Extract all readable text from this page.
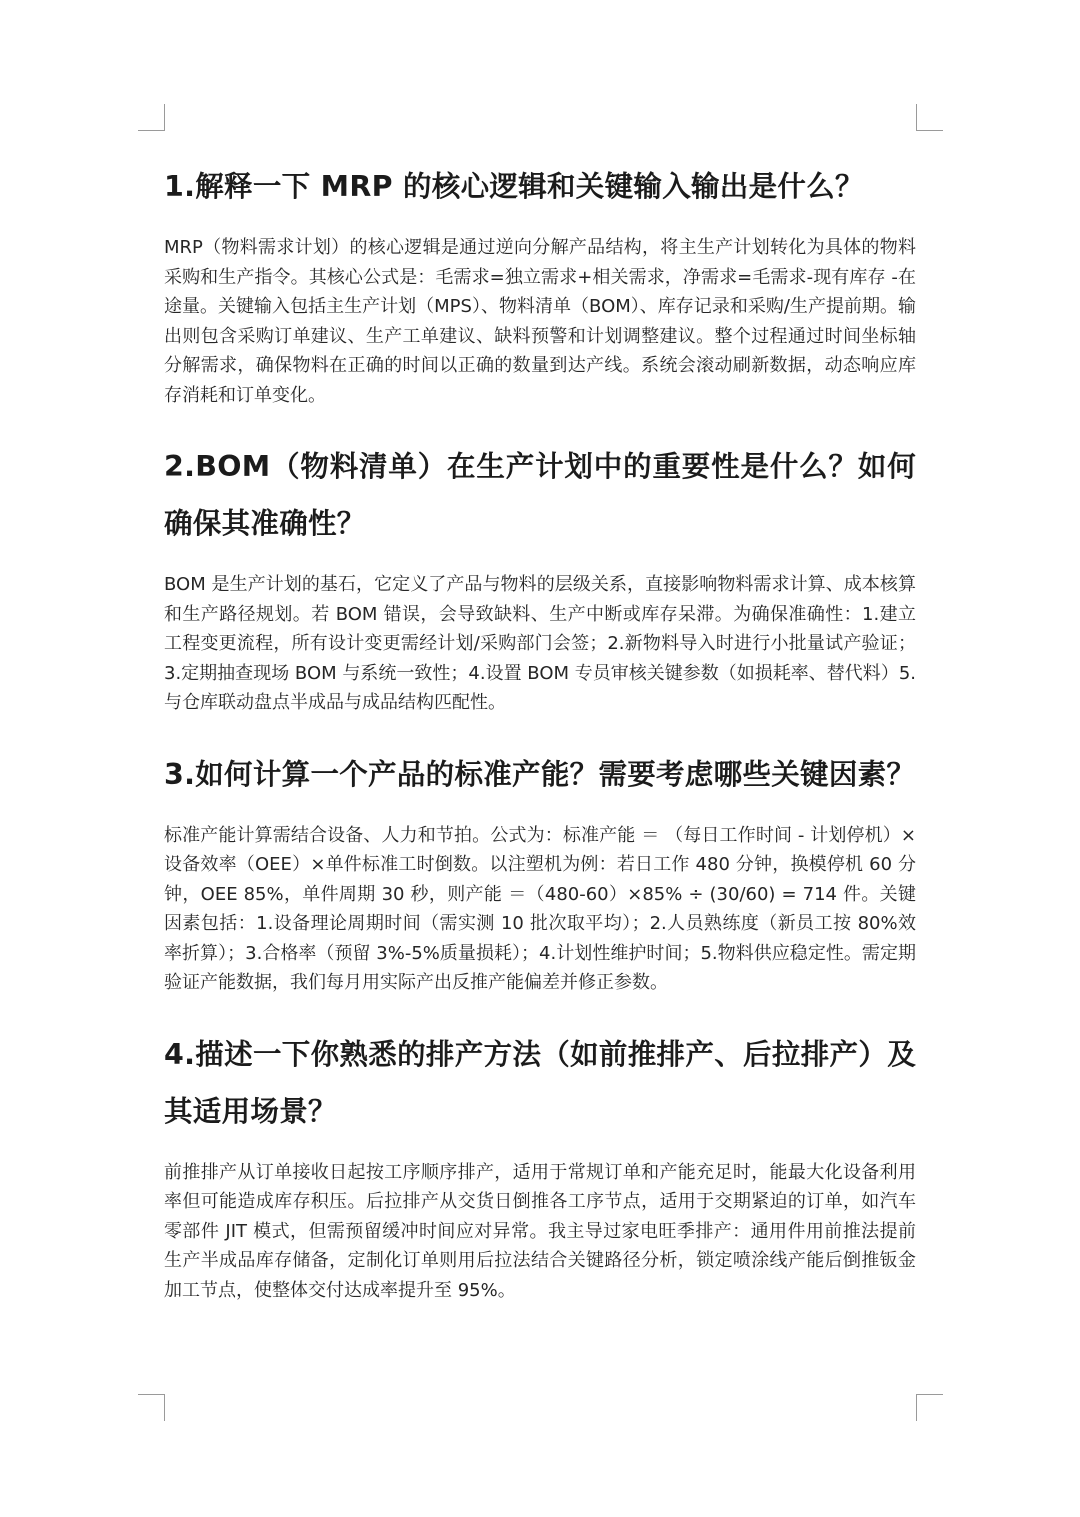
1.解释一下 MRP 的核心逻辑和关键输入输出是什么？

MRP（物料需求计划）的核心逻辑是通过逆向分解产品结构，将主生产计划转化为具体的物料采购和生产指令。其核心公式是：毛需求=独立需求+相关需求，净需求=毛需求-现有库存 -在途量。关键输入包括主生产计划（MPS）、物料清单（BOM）、库存记录和采购/生产提前期。输出则包含采购订单建议、生产工单建议、缺料预警和计划调整建议。整个过程通过时间坐标轴分解需求，确保物料在正确的时间以正确的数量到达产线。系统会滚动刷新数据，动态响应库存消耗和订单变化。

2.BOM（物料清单）在生产计划中的重要性是什么？如何确保其准确性？

BOM 是生产计划的基石，它定义了产品与物料的层级关系，直接影响物料需求计算、成本核算和生产路径规划。若 BOM 错误，会导致缺料、生产中断或库存呆滞。为确保准确性：1.建立工程变更流程，所有设计变更需经计划/采购部门会签；2.新物料导入时进行小批量试产验证；3.定期抽查现场 BOM 与系统一致性；4.设置 BOM 专员审核关键参数（如损耗率、替代料）5.与仓库联动盘点半成品与成品结构匹配性。

3.如何计算一个产品的标准产能？需要考虑哪些关键因素？

标准产能计算需结合设备、人力和节拍。公式为：标准产能 ＝ （每日工作时间 - 计划停机）×设备效率（OEE）×单件标准工时倒数。以注塑机为例：若日工作 480 分钟，换模停机 60 分钟，OEE 85%，单件周期 30 秒，则产能 ＝（480-60）×85% ÷ (30/60) = 714 件。关键因素包括：1.设备理论周期时间（需实测 10 批次取平均）；2.人员熟练度（新员工按 80%效率折算）；3.合格率（预留 3%-5%质量损耗）；4.计划性维护时间；5.物料供应稳定性。需定期验证产能数据，我们每月用实际产出反推产能偏差并修正参数。

4.描述一下你熟悉的排产方法（如前推排产、后拉排产）及其适用场景？

前推排产从订单接收日起按工序顺序排产，适用于常规订单和产能充足时，能最大化设备利用率但可能造成库存积压。后拉排产从交货日倒推各工序节点，适用于交期紧迫的订单，如汽车零部件 JIT 模式，但需预留缓冲时间应对异常。我主导过家电旺季排产：通用件用前推法提前生产半成品库存储备，定制化订单则用后拉法结合关键路径分析，锁定喷涂线产能后倒推钣金加工节点，使整体交付达成率提升至 95%。
